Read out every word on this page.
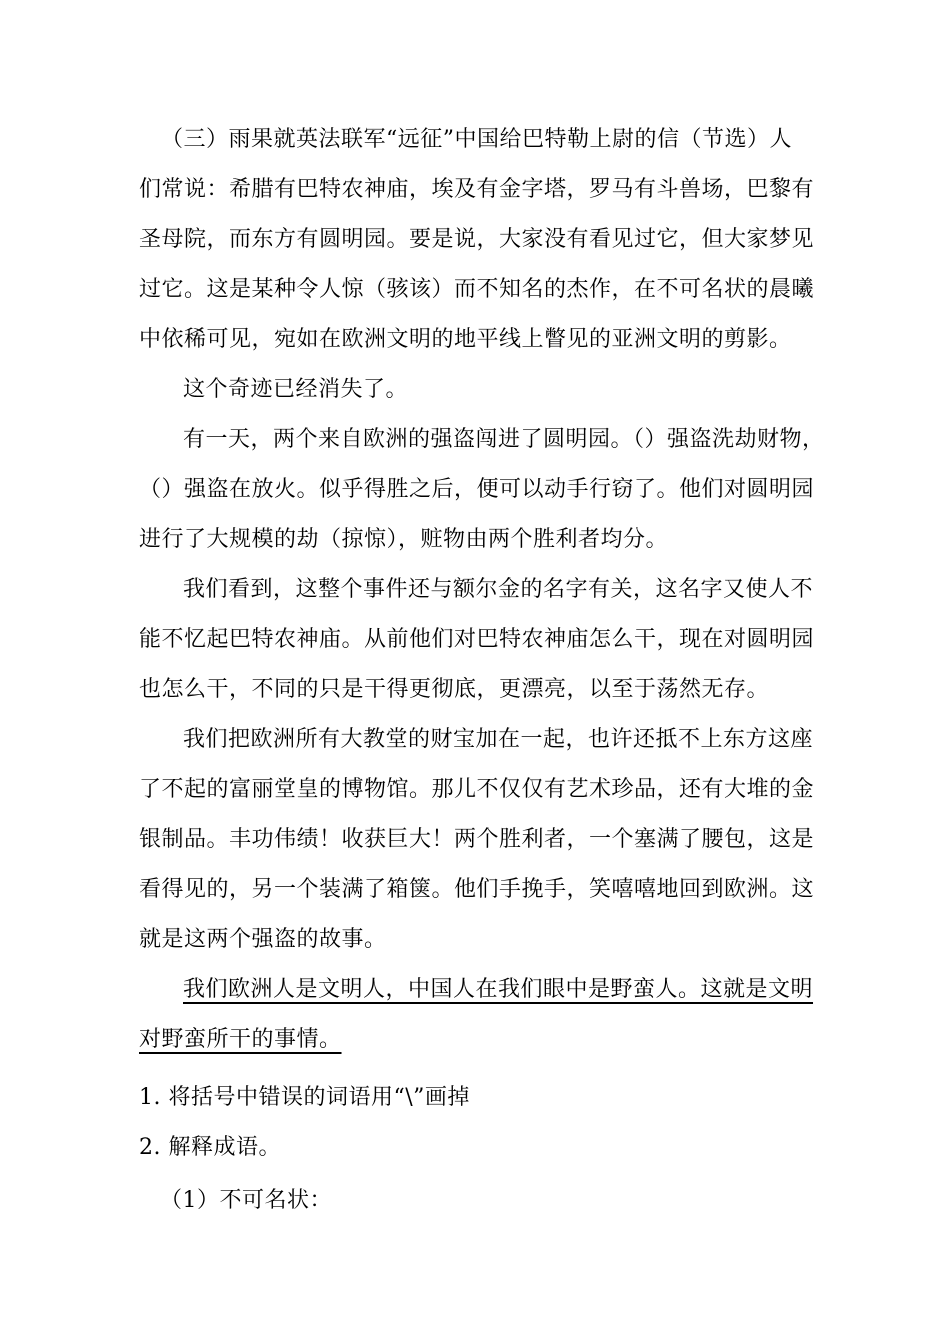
（三）雨果就英法联军“远征”中国给巴特勒上尉的信（节选）人
们常说：希腊有巴特农神庙，埃及有金字塔，罗马有斗兽场，巴黎有
圣母院，而东方有圆明园。要是说，大家没有看见过它，但大家梦见
过它。这是某种令人惊（骇该）而不知名的杰作，在不可名状的晨曦
中依稀可见，宛如在欧洲文明的地平线上瞥见的亚洲文明的剪影。
这个奇迹已经消失了。
有一天，两个来自欧洲的强盗闯进了圆明园。（）强盗洗劫财物，
（）强盗在放火。似乎得胜之后，便可以动手行窃了。他们对圆明园
进行了大规模的劫（掠惊），赃物由两个胜利者均分。
我们看到，这整个事件还与额尔金的名字有关，这名字又使人不
能不忆起巴特农神庙。从前他们对巴特农神庙怎么干，现在对圆明园
也怎么干，不同的只是干得更彻底，更漂亮，以至于荡然无存。
我们把欧洲所有大教堂的财宝加在一起，也许还抵不上东方这座
了不起的富丽堂皇的博物馆。那儿不仅仅有艺术珍品，还有大堆的金
银制品。丰功伟绩！收获巨大！两个胜利者，一个塞满了腰包，这是
看得见的，另一个装满了箱箧。他们手挽手，笑嘻嘻地回到欧洲。这
就是这两个强盗的故事。
我们欧洲人是文明人，中国人在我们眼中是野蛮人。这就是文明
对野蛮所干的事情。
1. 将括号中错误的词语用“\”画掉
2. 解释成语。
（1）不可名状：
